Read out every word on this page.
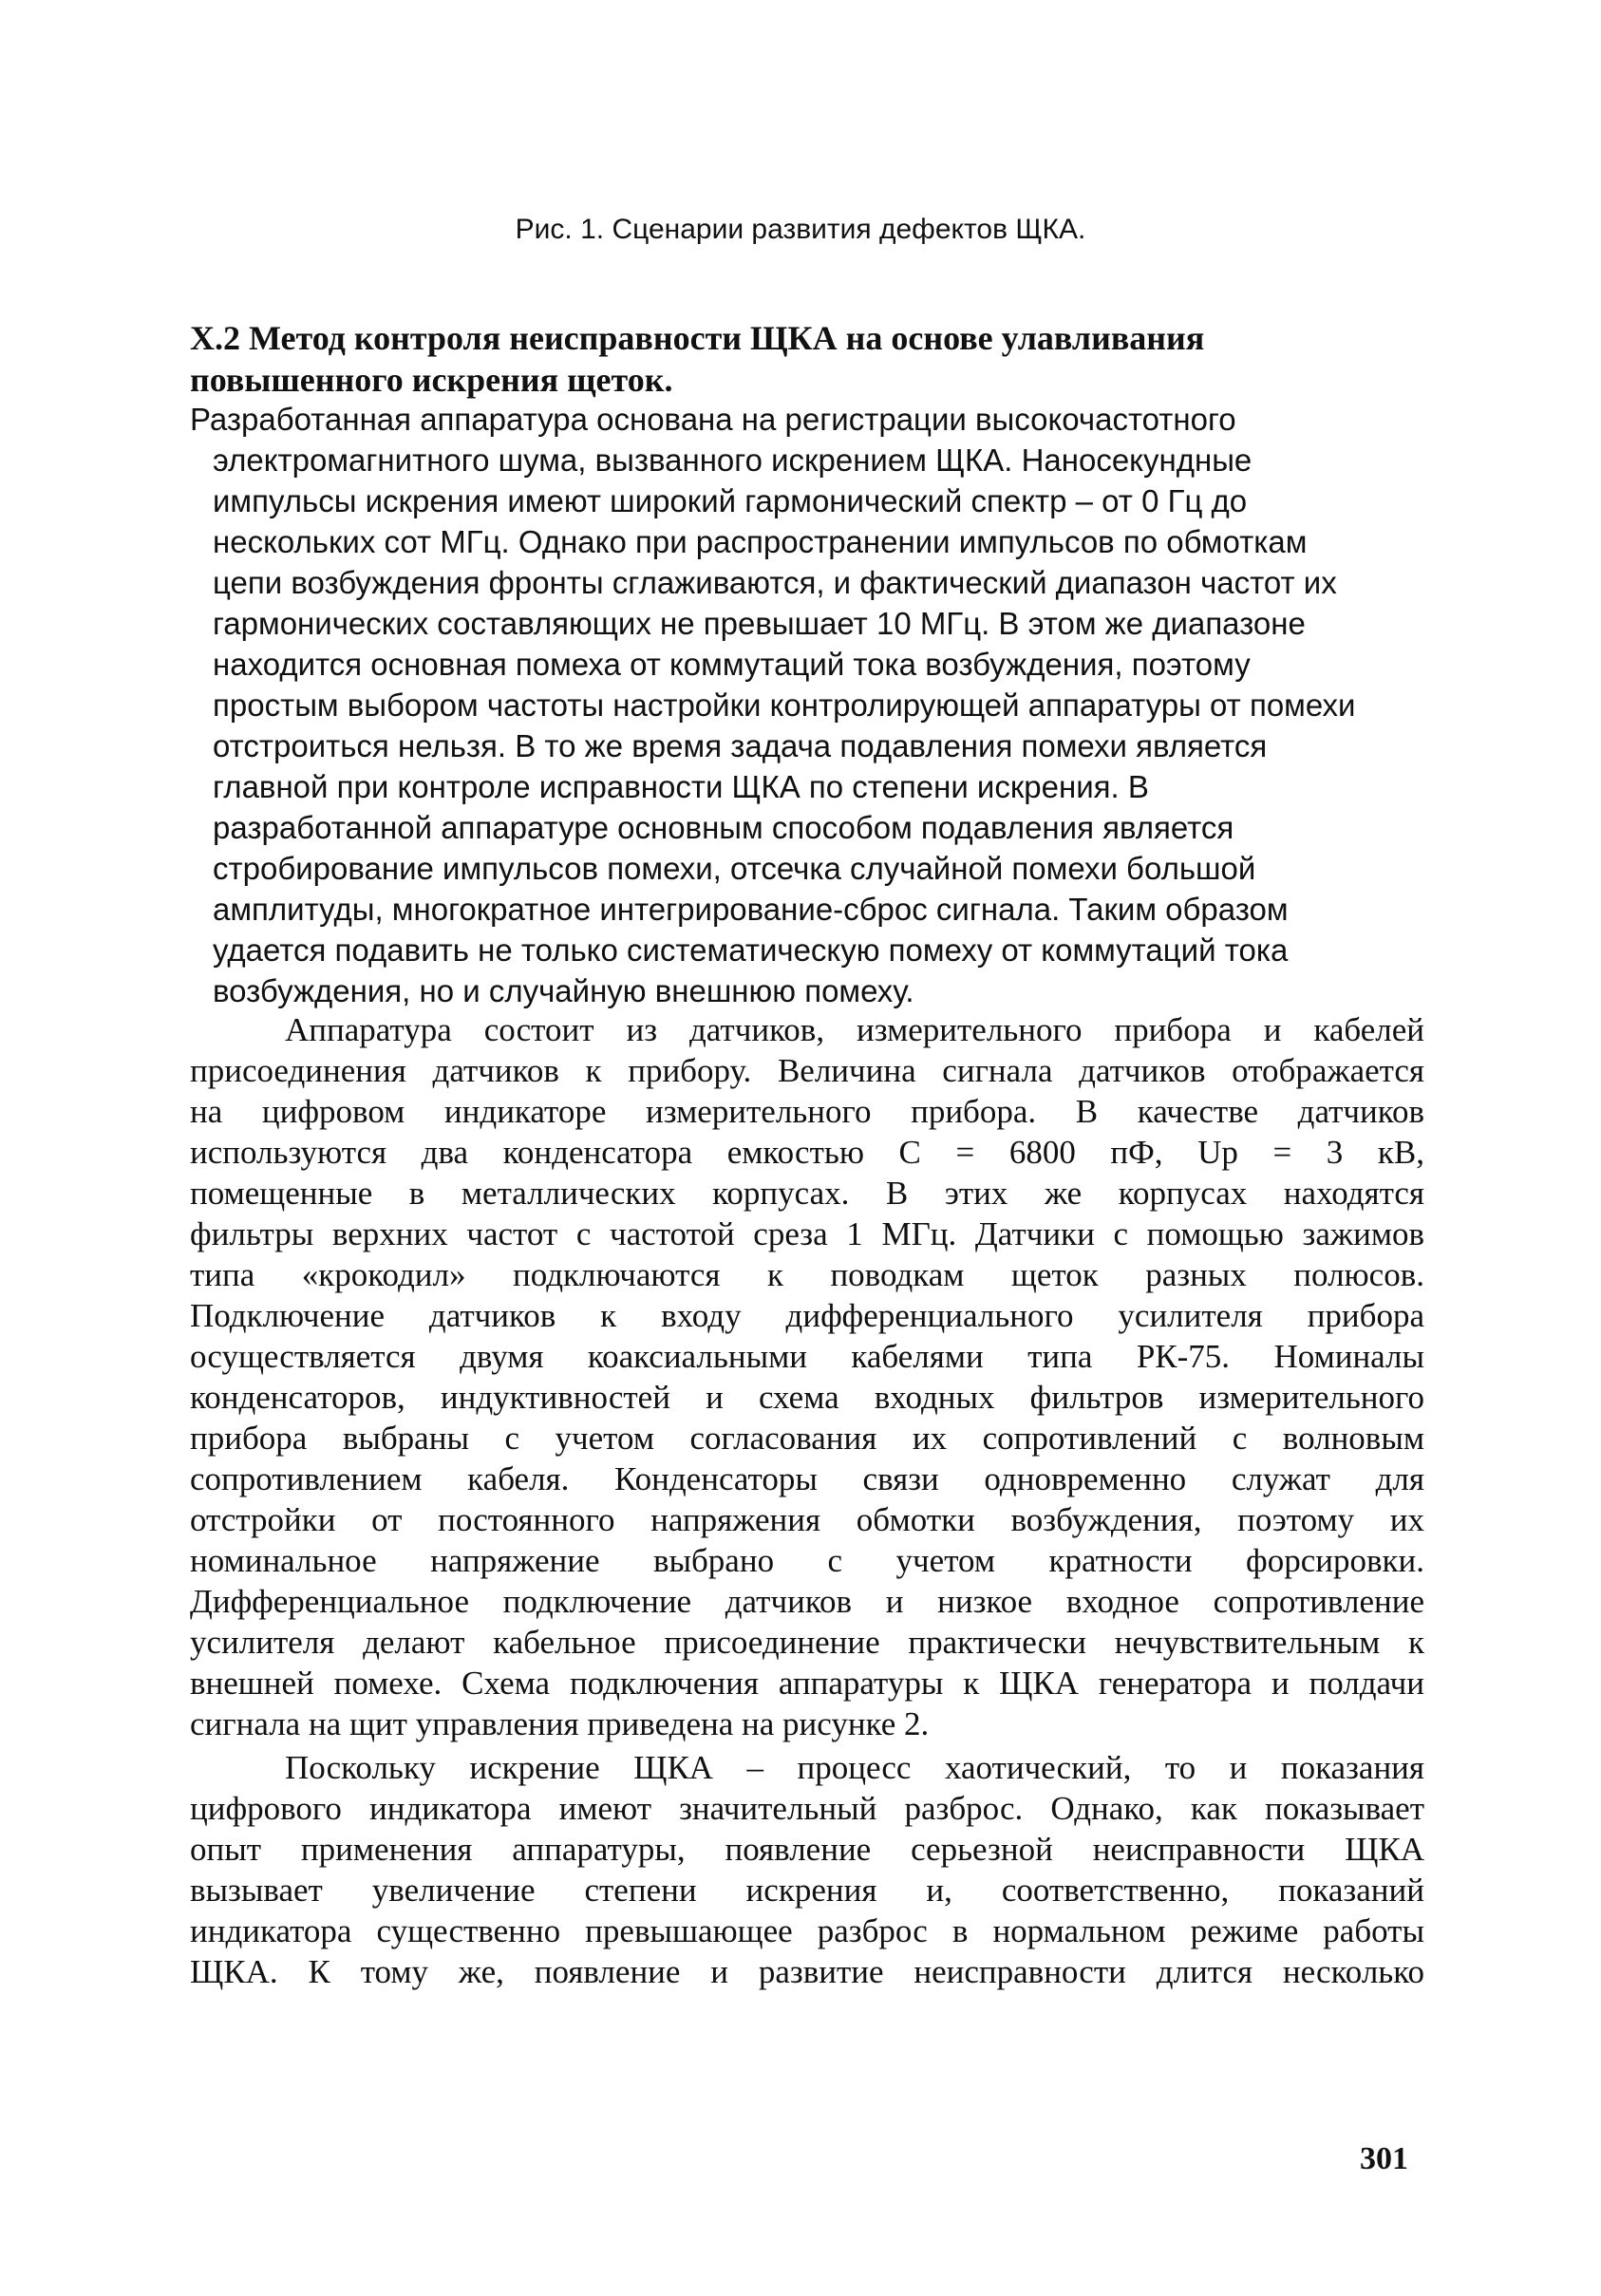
Рис. 1. Сценарии развития дефектов ЩКА.
X.2 Метод контроля неисправности ЩКА на основе улавливания
повышенного искрения щеток.
Разработанная аппаратура основана на регистрации высокочастотного
электромагнитного шума, вызванного искрением ЩКА. Наносекундные
импульсы искрения имеют широкий гармонический спектр – от 0 Гц до
нескольких сот МГц. Однако при распространении импульсов по обмоткам
цепи возбуждения фронты сглаживаются, и фактический диапазон частот их
гармонических составляющих не превышает 10 МГц. В этом же диапазоне
находится основная помеха от коммутаций тока возбуждения, поэтому
простым выбором частоты настройки контролирующей аппаратуры от помехи
отстроиться нельзя. В то же время задача подавления помехи является
главной при контроле исправности ЩКА по степени искрения. В
разработанной аппаратуре основным способом подавления является
стробирование импульсов помехи, отсечка случайной помехи большой
амплитуды, многократное интегрирование-сброс сигнала. Таким образом
удается подавить не только систематическую помеху от коммутаций тока
возбуждения, но и случайную внешнюю помеху.
Аппаратура состоит из датчиков, измерительного прибора и кабелей
присоединения датчиков к прибору. Величина сигнала датчиков отображается
на цифровом индикаторе измерительного прибора. В качестве датчиков
используются два конденсатора емкостью C = 6800 пФ, Uр = 3 кВ,
помещенные в металлических корпусах. В этих же корпусах находятся
фильтры верхних частот с частотой среза 1 МГц. Датчики с помощью зажимов
типа «крокодил» подключаются к поводкам щеток разных полюсов.
Подключение датчиков к входу дифференциального усилителя прибора
осуществляется двумя коаксиальными кабелями типа РК-75. Номиналы
конденсаторов, индуктивностей и схема входных фильтров измерительного
прибора выбраны с учетом согласования их сопротивлений с волновым
сопротивлением кабеля. Конденсаторы связи одновременно служат для
отстройки от постоянного напряжения обмотки возбуждения, поэтому их
номинальное напряжение выбрано с учетом кратности форсировки.
Дифференциальное подключение датчиков и низкое входное сопротивление
усилителя делают кабельное присоединение практически нечувствительным к
внешней помехе. Схема подключения аппаратуры к ЩКА генератора и полдачи
сигнала на щит управления приведена на рисунке 2.
Поскольку искрение ЩКА – процесс хаотический, то и показания
цифрового индикатора имеют значительный разброс. Однако, как показывает
опыт применения аппаратуры, появление серьезной неисправности ЩКА
вызывает увеличение степени искрения и, соответственно, показаний
индикатора существенно превышающее разброс в нормальном режиме работы
ЩКА. К тому же, появление и развитие неисправности длится несколько
301
